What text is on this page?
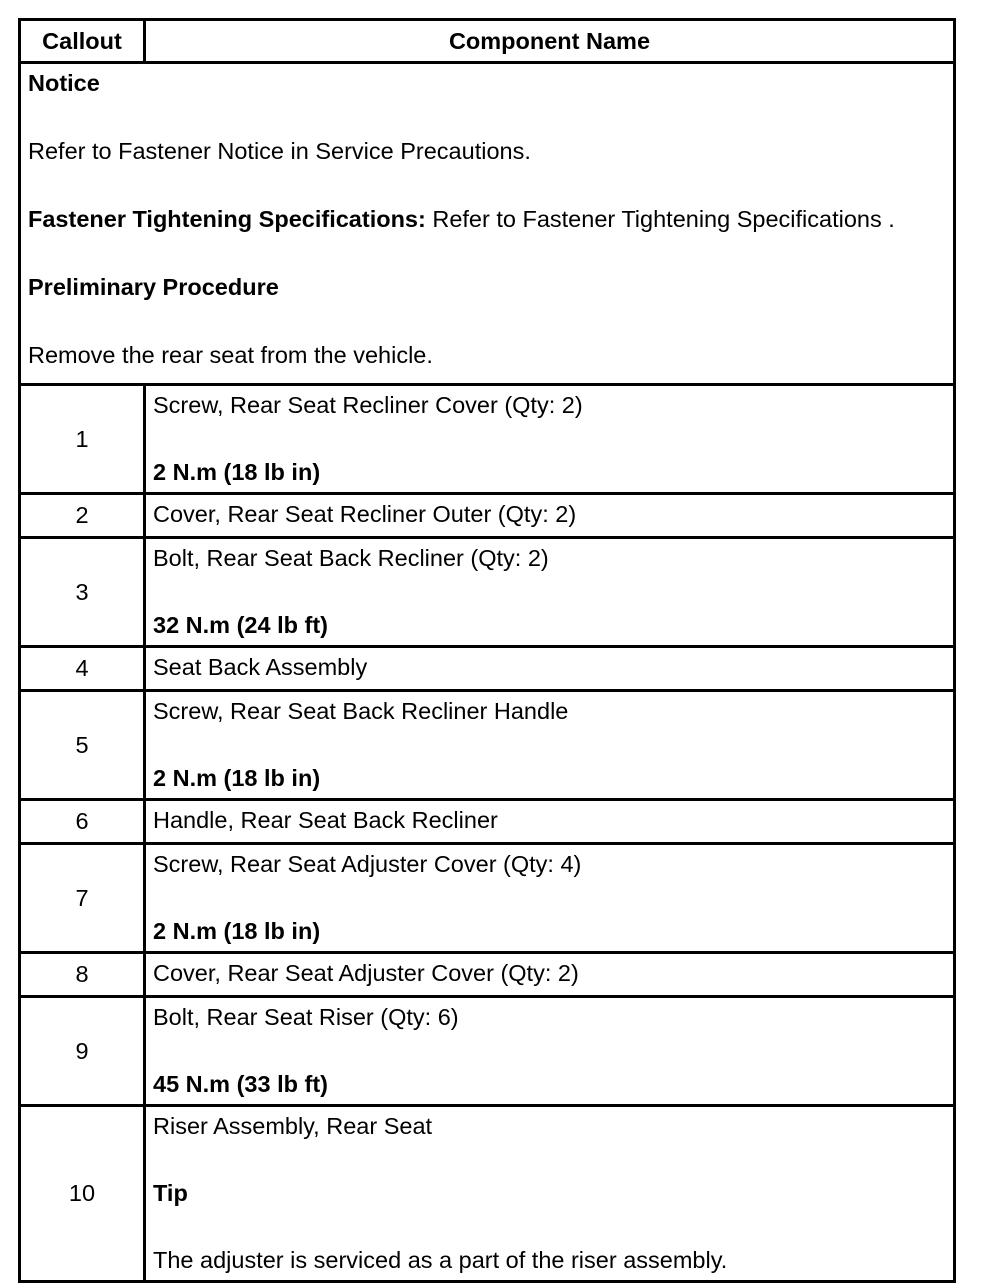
Callout	Component Name

Notice

Refer to Fastener Notice in Service Precautions.

Fastener Tightening Specifications: Refer to Fastener Tightening Specifications .

Preliminary Procedure

Remove the rear seat from the vehicle.	

1	Screw, Rear Seat Recliner Cover (Qty: 2)

2 N.m (18 lb in)

2	Cover, Rear Seat Recliner Outer (Qty: 2)

3	Bolt, Rear Seat Back Recliner (Qty: 2)

32 N.m (24 lb ft)

4	Seat Back Assembly

5	Screw, Rear Seat Back Recliner Handle

2 N.m (18 lb in)

6	Handle, Rear Seat Back Recliner

7	Screw, Rear Seat Adjuster Cover (Qty: 4)

2 N.m (18 lb in)

8	Cover, Rear Seat Adjuster Cover (Qty: 2)

9	Bolt, Rear Seat Riser (Qty: 6)

45 N.m (33 lb ft)

10	Riser Assembly, Rear Seat

Tip

The adjuster is serviced as a part of the riser assembly.
